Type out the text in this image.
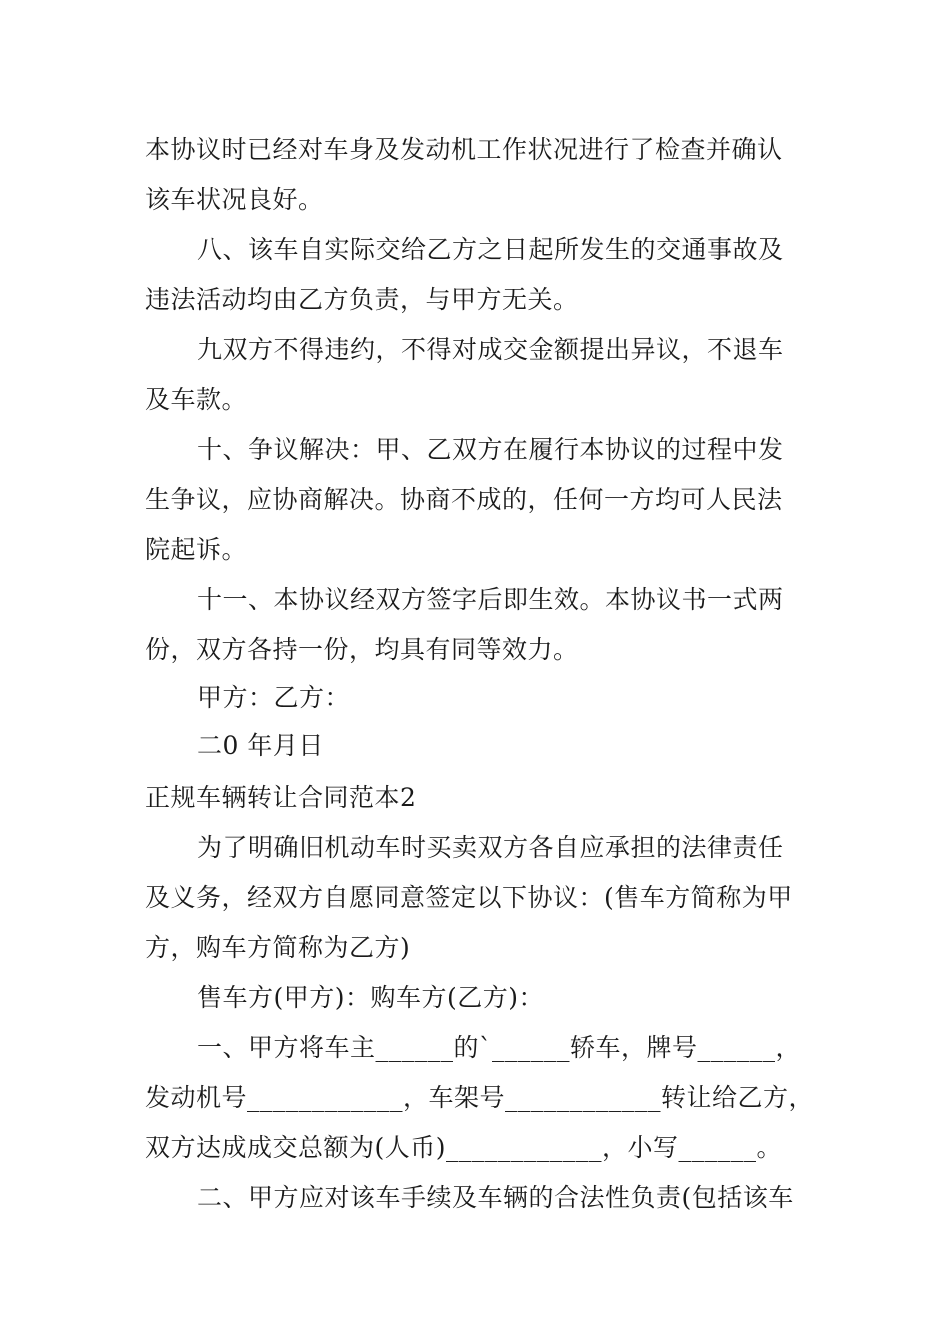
本协议时已经对车身及发动机工作状况进行了检查并确认
该车状况良好。
八、该车自实际交给乙方之日起所发生的交通事故及
违法活动均由乙方负责，与甲方无关。
九双方不得违约，不得对成交金额提出异议，不退车
及车款。
十、争议解决：甲、乙双方在履行本协议的过程中发
生争议，应协商解决。协商不成的，任何一方均可人民法
院起诉。
十一、本协议经双方签字后即生效。本协议书一式两
份，双方各持一份，均具有同等效力。
甲方：乙方：
二0 年月日
正规车辆转让合同范本2
为了明确旧机动车时买卖双方各自应承担的法律责任
及义务，经双方自愿同意签定以下协议：(售车方简称为甲
方，购车方简称为乙方)
售车方(甲方)：购车方(乙方)：
一、甲方将车主______的`______轿车，牌号______，
发动机号____________，车架号____________转让给乙方，
双方达成成交总额为(人币)____________，小写______。
二、甲方应对该车手续及车辆的合法性负责(包括该车
